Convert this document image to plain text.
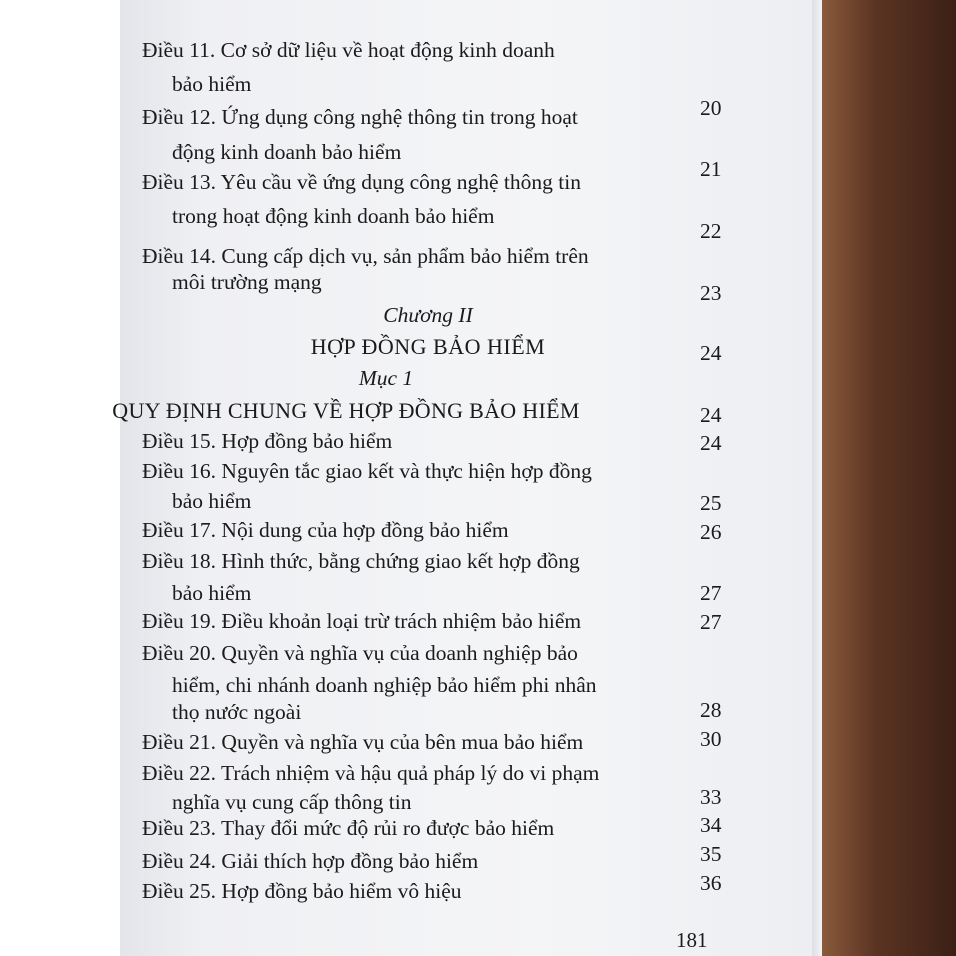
Điều 11. Cơ sở dữ liệu về hoạt động kinh doanh
bảo hiểm
20
Điều 12. Ứng dụng công nghệ thông tin trong hoạt
động kinh doanh bảo hiểm
21
Điều 13. Yêu cầu về ứng dụng công nghệ thông tin
trong hoạt động kinh doanh bảo hiểm
22
Điều 14. Cung cấp dịch vụ, sản phẩm bảo hiểm trên
môi trường mạng	23
Chương II
HỢP ĐỒNG BẢO HIỂM	24
Mục 1
QUY ĐỊNH CHUNG VỀ HỢP ĐỒNG BẢO HIỂM	24
Điều 15. Hợp đồng bảo hiểm	24
Điều 16. Nguyên tắc giao kết và thực hiện hợp đồng
bảo hiểm	25
Điều 17. Nội dung của hợp đồng bảo hiểm	26
Điều 18. Hình thức, bằng chứng giao kết hợp đồng
bảo hiểm	27
Điều 19. Điều khoản loại trừ trách nhiệm bảo hiểm	27
Điều 20. Quyền và nghĩa vụ của doanh nghiệp bảo
hiểm, chi nhánh doanh nghiệp bảo hiểm phi nhân
thọ nước ngoài	28
Điều 21. Quyền và nghĩa vụ của bên mua bảo hiểm	30
Điều 22. Trách nhiệm và hậu quả pháp lý do vi phạm
nghĩa vụ cung cấp thông tin	33
Điều 23. Thay đổi mức độ rủi ro được bảo hiểm	34
Điều 24. Giải thích hợp đồng bảo hiểm	35
Điều 25. Hợp đồng bảo hiểm vô hiệu	36
181
